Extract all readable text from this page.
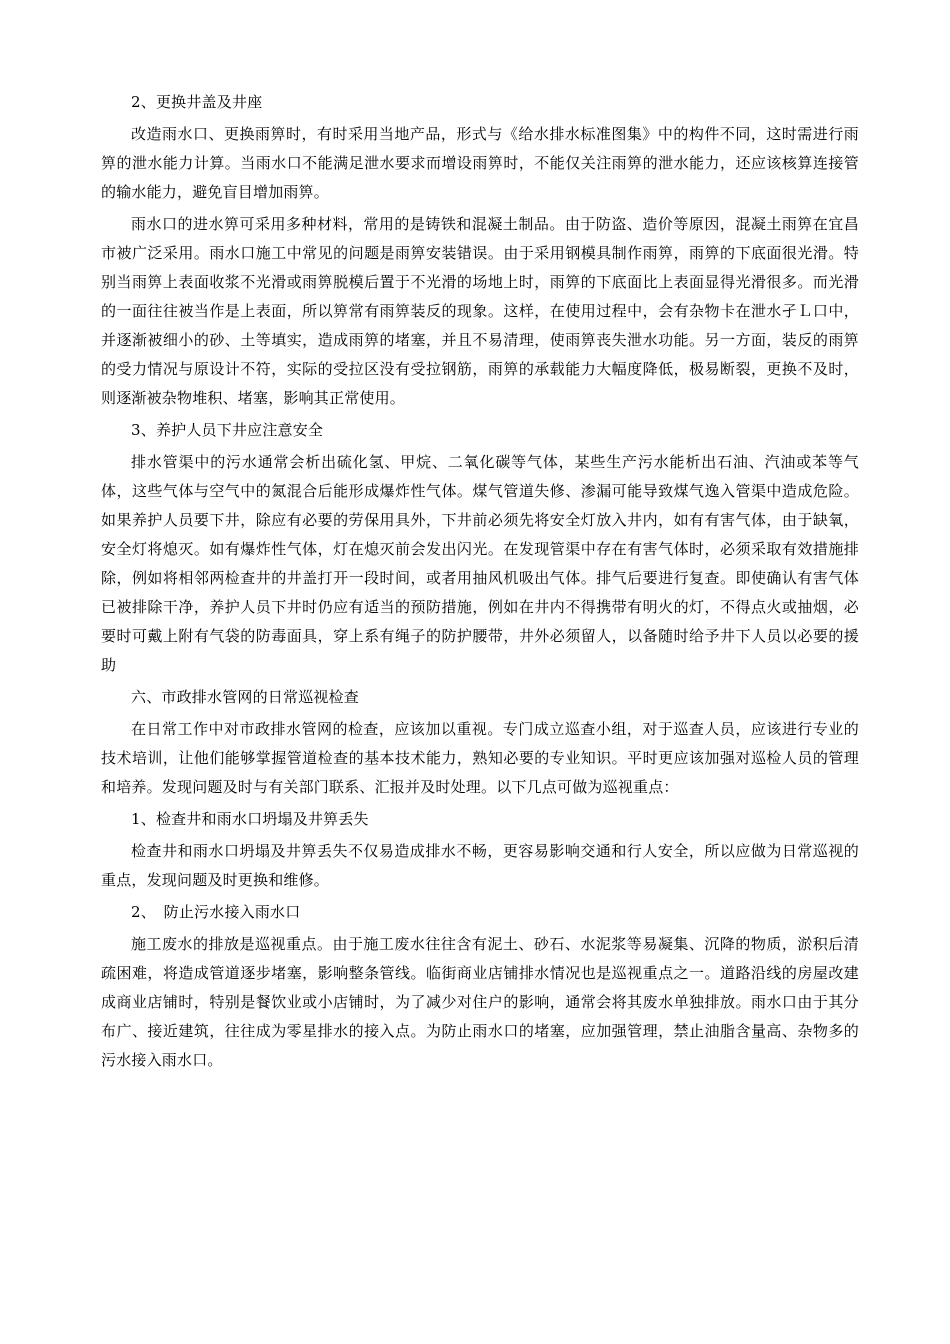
2、更换井盖及井座

改造雨水口、更换雨箅时，有时采用当地产品，形式与《给水排水标准图集》中的构件不同，这时需进行雨箅的泄水能力计算。当雨水口不能满足泄水要求而增设雨箅时，不能仅关注雨箅的泄水能力，还应该核算连接管的输水能力，避免盲目增加雨箅。

雨水口的进水箅可采用多种材料，常用的是铸铁和混凝土制品。由于防盗、造价等原因，混凝土雨箅在宜昌市被广泛采用。雨水口施工中常见的问题是雨箅安装错误。由于采用钢模具制作雨箅，雨箅的下底面很光滑。特别当雨箅上表面收浆不光滑或雨箅脱模后置于不光滑的场地上时，雨箅的下底面比上表面显得光滑很多。而光滑的一面往往被当作是上表面，所以箅常有雨箅装反的现象。这样，在使用过程中，会有杂物卡在泄水孑Ｌ口中，并逐渐被细小的砂、土等填实，造成雨箅的堵塞，并且不易清理，使雨箅丧失泄水功能。另一方面，装反的雨箅的受力情况与原设计不符，实际的受拉区没有受拉钢筋，雨箅的承载能力大幅度降低，极易断裂，更换不及时，则逐渐被杂物堆积、堵塞，影响其正常使用。

3、养护人员下井应注意安全

排水管渠中的污水通常会析出硫化氢、甲烷、二氧化碳等气体，某些生产污水能析出石油、汽油或苯等气体，这些气体与空气中的氮混合后能形成爆炸性气体。煤气管道失修、渗漏可能导致煤气逸入管渠中造成危险。如果养护人员要下井，除应有必要的劳保用具外，下井前必须先将安全灯放入井内，如有有害气体，由于缺氧，安全灯将熄灭。如有爆炸性气体，灯在熄灭前会发出闪光。在发现管渠中存在有害气体时，必须采取有效措施排除，例如将相邻两检查井的井盖打开一段时间，或者用抽风机吸出气体。排气后要进行复查。即使确认有害气体已被排除干净，养护人员下井时仍应有适当的预防措施，例如在井内不得携带有明火的灯，不得点火或抽烟，必要时可戴上附有气袋的防毒面具，穿上系有绳子的防护腰带，井外必须留人，以备随时给予井下人员以必要的援助

六、市政排水管网的日常巡视检查

在日常工作中对市政排水管网的检查，应该加以重视。专门成立巡查小组，对于巡查人员，应该进行专业的技术培训，让他们能够掌握管道检查的基本技术能力，熟知必要的专业知识。平时更应该加强对巡检人员的管理和培养。发现问题及时与有关部门联系、汇报并及时处理。以下几点可做为巡视重点：

1、检查井和雨水口坍塌及井箅丢失

检查井和雨水口坍塌及井箅丢失不仅易造成排水不畅，更容易影响交通和行人安全，所以应做为日常巡视的重点，发现问题及时更换和维修。

2、　防止污水接入雨水口

施工废水的排放是巡视重点。由于施工废水往往含有泥土、砂石、水泥浆等易凝集、沉降的物质，淤积后清疏困难，将造成管道逐步堵塞，影响整条管线。临街商业店铺排水情况也是巡视重点之一。道路沿线的房屋改建成商业店铺时，特别是餐饮业或小店铺时，为了减少对住户的影响，通常会将其废水单独排放。雨水口由于其分布广、接近建筑，往往成为零星排水的接入点。为防止雨水口的堵塞，应加强管理，禁止油脂含量高、杂物多的污水接入雨水口。
